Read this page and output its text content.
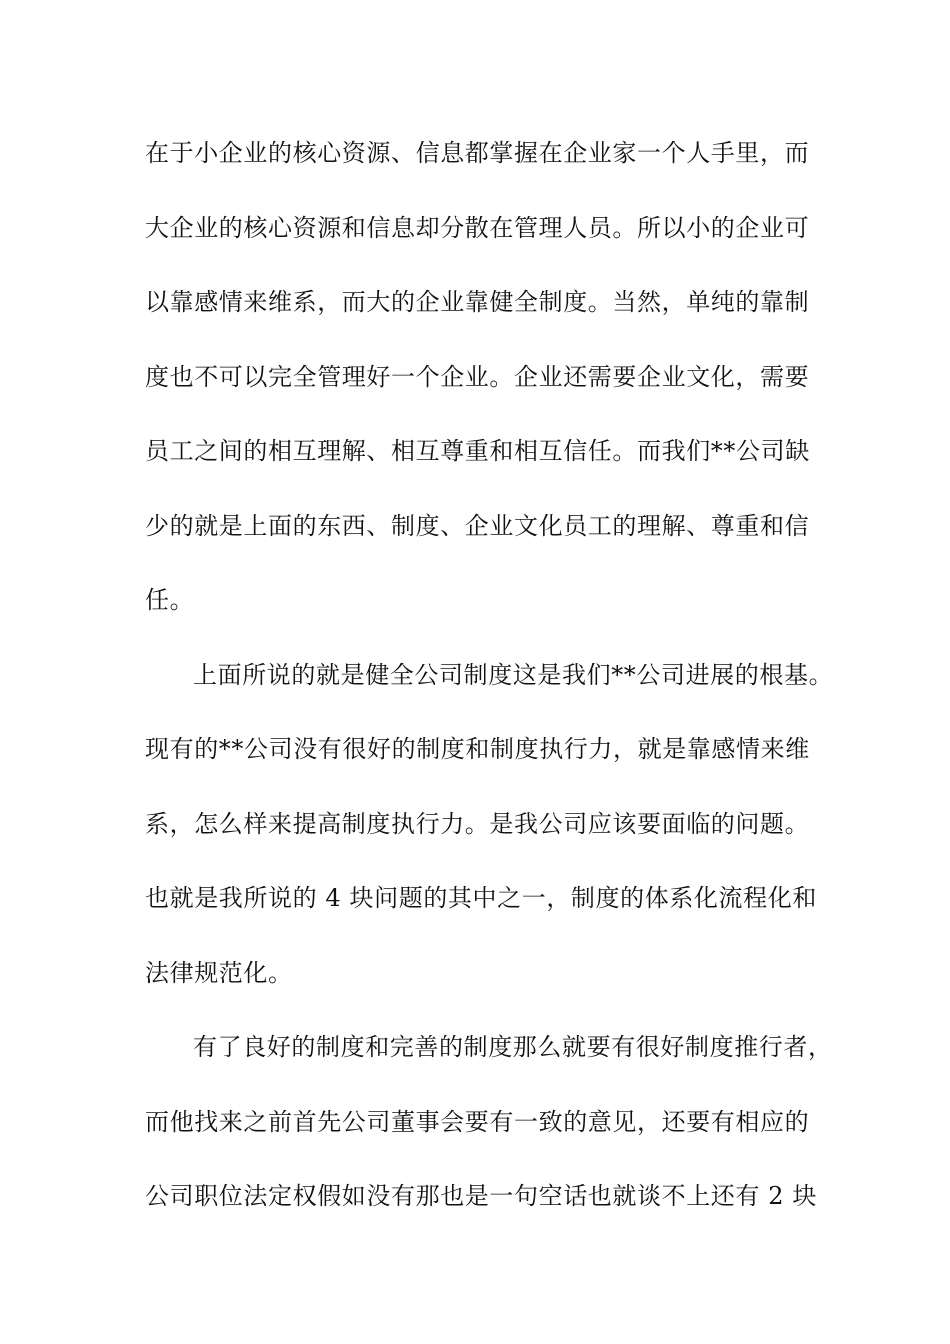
在于小企业的核心资源、信息都掌握在企业家一个人手里，而
大企业的核心资源和信息却分散在管理人员。所以小的企业可
以靠感情来维系，而大的企业靠健全制度。当然，单纯的靠制
度也不可以完全管理好一个企业。企业还需要企业文化，需要
员工之间的相互理解、相互尊重和相互信任。而我们**公司缺
少的就是上面的东西、制度、企业文化员工的理解、尊重和信
任。
上面所说的就是健全公司制度这是我们**公司进展的根基。
现有的**公司没有很好的制度和制度执行力，就是靠感情来维
系，怎么样来提高制度执行力。是我公司应该要面临的问题。
也就是我所说的 4 块问题的其中之一，制度的体系化流程化和
法律规范化。
有了良好的制度和完善的制度那么就要有很好制度推行者，
而他找来之前首先公司董事会要有一致的意见，还要有相应的
公司职位法定权假如没有那也是一句空话也就谈不上还有 2 块
